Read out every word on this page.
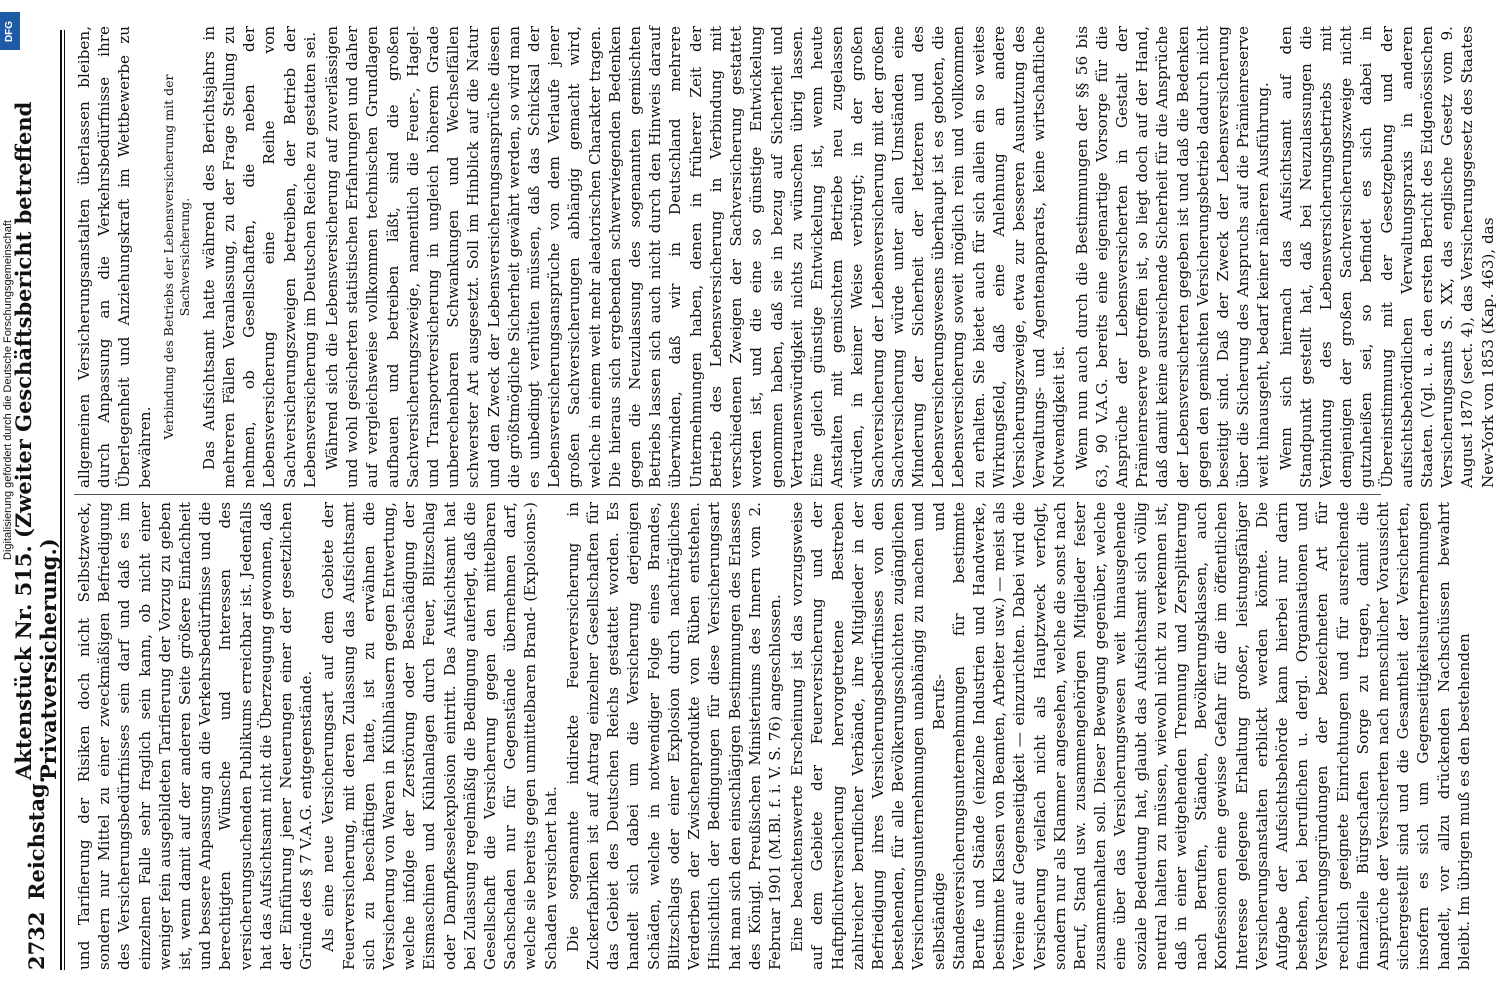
2732
Reichstag.
Aktenstück Nr. 515. (Zweiter Geschäftsbericht betreffend Privatversicherung.) und Tarifierung der Risiken doch nicht Selbstzweck, sondern nur Mittel zu einer zweckmäßigen Befriedigung des Versicherungsbedürfnisses sein darf und daß es im einzelnen Falle sehr fraglich sein kann, ob nicht einer weniger fein ausgebildeten Tarifierung der Vorzug zu geben ist, wenn damit auf der anderen Seite größere Einfachheit und bessere Anpassung an die Verkehrsbedürfnisse und die berechtigten Wünsche und Interessen des versicherungsuchenden Publikums erreichbar ist. Jedenfalls hat das Aufsichtsamt nicht die Überzeugung gewonnen, daß der Einführung jener Neuerungen einer der gesetzlichen Gründe des § 7 V.A.G. entgegenstände. Als eine neue Versicherungsart auf dem Gebiete der Feuerversicherung, mit deren Zulassung das Aufsichtsamt sich zu beschäftigen hatte, ist zu erwähnen die Versicherung von Waren in Kühlhäusern gegen Entwertung, welche infolge der Zerstörung oder Beschädigung der Eismaschinen und Kühlanlagen durch Feuer, Blitzschlag oder Dampfkesselexplosion eintritt. Das Aufsichtsamt hat bei Zulassung regelmäßig die Bedingung auferlegt, daß die Gesellschaft die Versicherung gegen den mittelbaren Sachschaden nur für Gegenstände übernehmen darf, welche sie bereits gegen unmittelbaren Brand- (Explosions-) Schaden versichert hat. Die sogenannte indirekte Feuerversicherung in Zuckerfabriken ist auf Antrag einzelner Gesellschaften für das Gebiet des Deutschen Reichs gestattet worden. Es handelt sich dabei um die Versicherung derjenigen Schäden, welche in notwendiger Folge eines Brandes, Blitzschlags oder einer Explosion durch nachträgliches Verderben der Zwischenprodukte von Rüben entstehen. Hinsichtlich der Bedingungen für diese Versicherungsart hat man sich den einschlägigen Bestimmungen des Erlasses des Königl. Preußischen Ministeriums des Innern vom 2. Februar 1901 (M.Bl. f. i. V. S. 76) angeschlossen. Eine beachtenswerte Erscheinung ist das vorzugsweise auf dem Gebiete der Feuerversicherung und der Haftpflichtversicherung hervorgetretene Bestreben zahlreicher beruflicher Verbände, ihre Mitglieder in der Befriedigung ihres Versicherungsbedürfnisses von den bestehenden, für alle Bevölkerungsschichten zugänglichen Versicherungsunternehmungen unabhängig zu machen und selbständige Berufs- und Standesversicherungsunternehmungen für bestimmte Berufe und Stände (einzelne Industrien und Handwerke, bestimmte Klassen von Beamten, Arbeiter usw.) — meist als Vereine auf Gegenseitigkeit — einzurichten. Dabei wird die Versicherung vielfach nicht als Hauptzweck verfolgt, sondern nur als Klammer angesehen, welche die sonst nach Beruf, Stand usw. zusammengehörigen Mitglieder fester zusammenhalten soll. Dieser Bewegung gegenüber, welche eine über das Versicherungswesen weit hinausgehende soziale Bedeutung hat, glaubt das Aufsichtsamt sich völlig neutral halten zu müssen, wiewohl nicht zu verkennen ist, daß in einer weitgehenden Trennung und Zersplitterung nach Berufen, Ständen, Bevölkerungsklassen, auch Konfessionen eine gewisse Gefahr für die im öffentlichen Interesse gelegene Erhaltung großer, leistungsfähiger Versicherungsanstalten erblickt werden könnte. Die Aufgabe der Aufsichtsbehörde kann hierbei nur darin bestehen, bei beruflichen u. dergl. Organisationen und Versicherungsgründungen der bezeichneten Art für rechtlich geeignete Einrichtungen und für ausreichende finanzielle Bürgschaften Sorge zu tragen, damit die Ansprüche der Versicherten nach menschlicher Voraussicht sichergestellt sind und die Gesamtheit der Versicherten, insofern es sich um Gegenseitigkeitsunternehmungen handelt, vor allzu drückenden Nachschüssen bewahrt bleibt. Im übrigen muß es den bestehenden

allgemeinen Versicherungsanstalten überlassen bleiben, durch Anpassung an die Verkehrsbedürfnisse ihre Überlegenheit und Anziehungskraft im Wettbewerbe zu bewähren.

Verbindung des Betriebs der Lebensversicherung mit der Sachversicherung. Das Aufsichtsamt hatte während des Berichtsjahrs in mehreren Fällen Veranlassung, zu der Frage Stellung zu nehmen, ob Gesellschaften, die neben der Lebensversicherung eine Reihe von Sachversicherungszweigen betreiben, der Betrieb der Lebensversicherung im Deutschen Reiche zu gestatten sei. Während sich die Lebensversicherung auf zuverlässigen und wohl gesicherten statistischen Erfahrungen und daher auf vergleichsweise vollkommen technischen Grundlagen aufbauen und betreiben läßt, sind die großen Sachversicherungszweige, namentlich die Feuer-, Hagel- und Transportversicherung in ungleich höherem Grade unberechenbaren Schwankungen und Wechselfällen schwerster Art ausgesetzt. Soll im Hinblick auf die Natur und den Zweck der Lebensversicherungsansprüche diesen die größtmögliche Sicherheit gewährt werden, so wird man es unbedingt verhüten müssen, daß das Schicksal der Lebensversicherungsansprüche von dem Verlaufe jener großen Sachversicherungen abhängig gemacht wird, welche in einem weit mehr aleatorischen Charakter tragen. Die hieraus sich ergebenden schwerwiegenden Bedenken gegen die Neuzulassung des sogenannten gemischten Betriebs lassen sich auch nicht durch den Hinweis darauf überwinden, daß wir in Deutschland mehrere Unternehmungen haben, denen in früherer Zeit der Betrieb des Lebensversicherung in Verbindung mit verschiedenen Zweigen der Sachversicherung gestattet worden ist, und die eine so günstige Entwickelung genommen haben, daß sie in bezug auf Sicherheit und Vertrauenswürdigkeit nichts zu wünschen übrig lassen. Eine gleich günstige Entwickelung ist, wenn heute Anstalten mit gemischtem Betriebe neu zugelassen würden, in keiner Weise verbürgt; in der großen Sachversicherung der Lebensversicherung mit der großen Sachversicherung würde unter allen Umständen eine Minderung der Sicherheit der letzteren und des Lebensversicherungswesens überhaupt ist es geboten, die Lebensversicherung soweit möglich rein und vollkommen zu erhalten. Sie bietet auch für sich allein ein so weites Wirkungsfeld, daß eine Anlehnung an andere Versicherungszweige, etwa zur besseren Ausnutzung des Verwaltungs- und Agentenapparats, keine wirtschaftliche Notwendigkeit ist. Wenn nun auch durch die Bestimmungen der §§ 56 bis 63, 90 V.A.G. bereits eine eigenartige Vorsorge für die Ansprüche der Lebensversicherten in Gestalt der Prämienreserve getroffen ist, so liegt doch auf der Hand, daß damit keine ausreichende Sicherheit für die Ansprüche der Lebensversicherten gegeben ist und daß die Bedenken gegen den gemischten Versicherungsbetrieb dadurch nicht beseitigt sind. Daß der Zweck der Lebensversicherung über die Sicherung des Anspruchs auf die Prämienreserve weit hinausgeht, bedarf keiner näheren Ausführung. Wenn sich hiernach das Aufsichtsamt auf den Standpunkt gestellt hat, daß bei Neuzulassungen die Verbindung des Lebensversicherungsbetriebs mit demjenigen der großen Sachversicherungszweige nicht gutzuheißen sei, so befindet es sich dabei in Übereinstimmung mit der Gesetzgebung und der aufsichtsbehördlichen Verwaltungspraxis in anderen Staaten. (Vgl. u. a. den ersten Bericht des Eidgenössischen Versicherungsamts S. XX, das englische Gesetz vom 9. August 1870 (sect. 4), das Versicherungsgesetz des Staates New-York von 1853 (Kap. 463), das

DFG
Digitalisierung gefördert durch die Deutsche Forschungsgemeinschaft
